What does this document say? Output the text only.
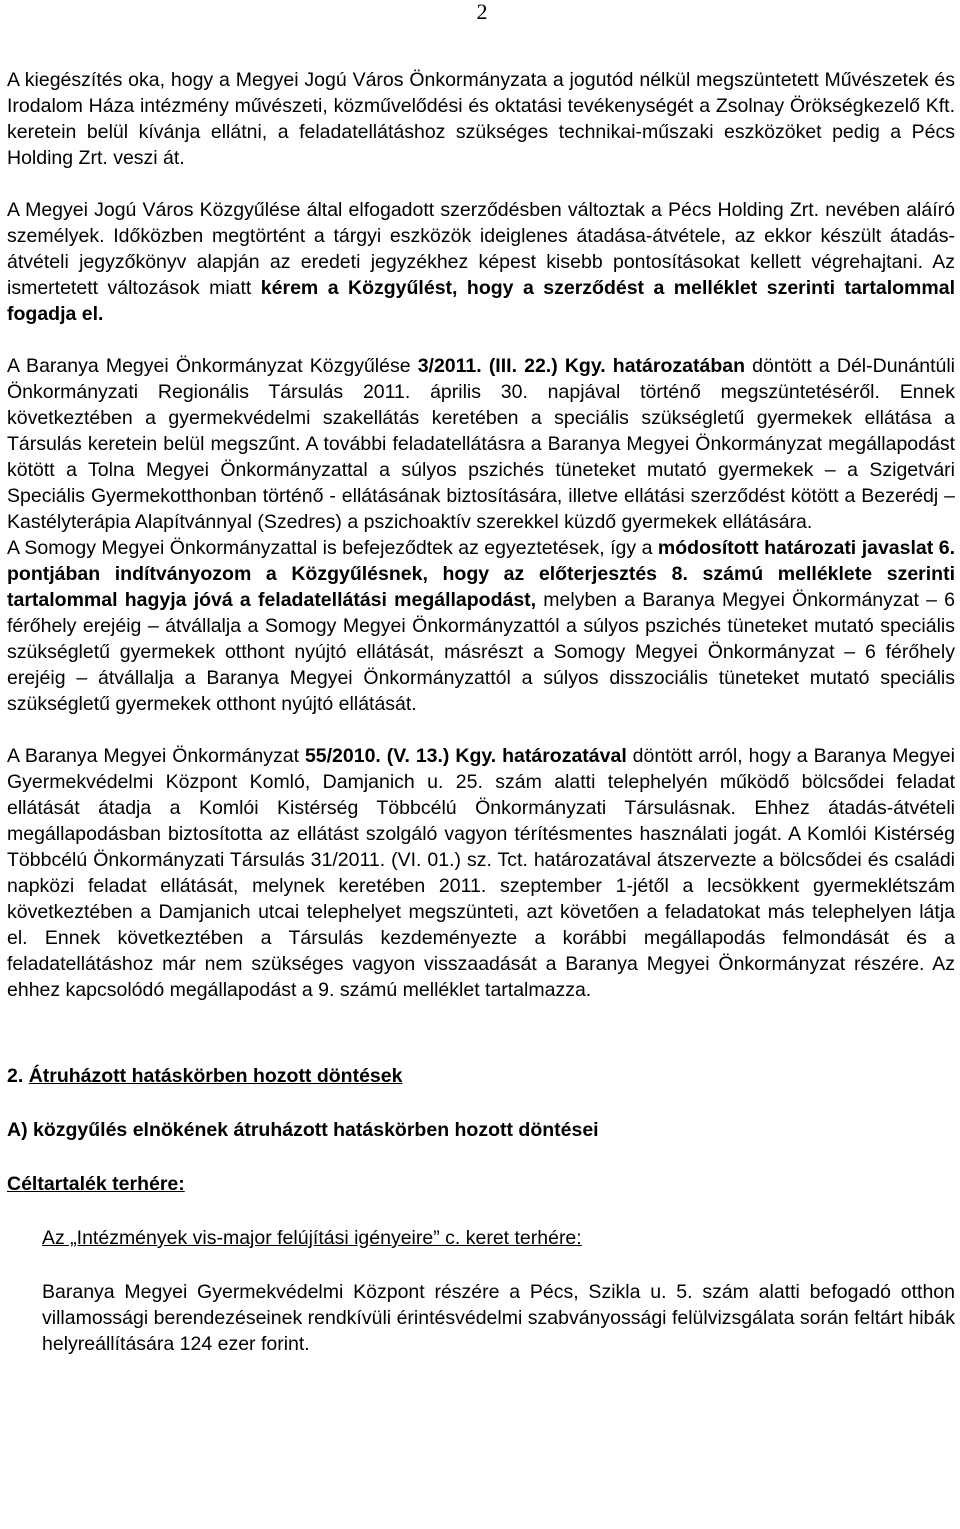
2

A kiegészítés oka, hogy a Megyei Jogú Város Önkormányzata a jogutód nélkül megszüntetett Művészetek és Irodalom Háza intézmény művészeti, közművelődési és oktatási tevékenységét a Zsolnay Örökségkezelő Kft. keretein belül kívánja ellátni, a feladatellátáshoz szükséges technikai-műszaki eszközöket pedig a Pécs Holding Zrt. veszi át.

A Megyei Jogú Város Közgyűlése által elfogadott szerződésben változtak a Pécs Holding Zrt. nevében aláíró személyek. Időközben megtörtént a tárgyi eszközök ideiglenes átadása-átvétele, az ekkor készült átadás-átvételi jegyzőkönyv alapján az eredeti jegyzékhez képest kisebb pontosításokat kellett végrehajtani. Az ismertetett változások miatt kérem a Közgyűlést, hogy a szerződést a melléklet szerinti tartalommal fogadja el.

A Baranya Megyei Önkormányzat Közgyűlése 3/2011. (III. 22.) Kgy. határozatában döntött a Dél-Dunántúli Önkormányzati Regionális Társulás 2011. április 30. napjával történő megszüntetéséről. Ennek következtében a gyermekvédelmi szakellátás keretében a speciális szükségletű gyermekek ellátása a Társulás keretein belül megszűnt. A további feladatellátásra a Baranya Megyei Önkormányzat megállapodást kötött a Tolna Megyei Önkormányzattal a súlyos pszichés tüneteket mutató gyermekek – a Szigetvári Speciális Gyermekotthonban történő - ellátásának biztosítására, illetve ellátási szerződést kötött a Bezerédj – Kastélyterápia Alapítvánnyal (Szedres) a pszichoaktív szerekkel küzdő gyermekek ellátására.

A Somogy Megyei Önkormányzattal is befejeződtek az egyeztetések, így a módosított határozati javaslat 6. pontjában indítványozom a Közgyűlésnek, hogy az előterjesztés 8. számú melléklete szerinti tartalommal hagyja jóvá a feladatellátási megállapodást, melyben a Baranya Megyei Önkormányzat – 6 férőhely erejéig – átvállalja a Somogy Megyei Önkormányzattól a súlyos pszichés tüneteket mutató speciális szükségletű gyermekek otthont nyújtó ellátását, másrészt a Somogy Megyei Önkormányzat – 6 férőhely erejéig – átvállalja a Baranya Megyei Önkormányzattól a súlyos disszociális tüneteket mutató speciális szükségletű gyermekek otthont nyújtó ellátását.

A Baranya Megyei Önkormányzat 55/2010. (V. 13.) Kgy. határozatával döntött arról, hogy a Baranya Megyei Gyermekvédelmi Központ Komló, Damjanich u. 25. szám alatti telephelyén működő bölcsődei feladat ellátását átadja a Komlói Kistérség Többcélú Önkormányzati Társulásnak. Ehhez átadás-átvételi megállapodásban biztosította az ellátást szolgáló vagyon térítésmentes használati jogát. A Komlói Kistérség Többcélú Önkormányzati Társulás 31/2011. (VI. 01.) sz. Tct. határozatával átszervezte a bölcsődei és családi napközi feladat ellátását, melynek keretében 2011. szeptember 1-jétől a lecsökkent gyermeklétszám következtében a Damjanich utcai telephelyet megszünteti, azt követően a feladatokat más telephelyen látja el. Ennek következtében a Társulás kezdeményezte a korábbi megállapodás felmondását és a feladatellátáshoz már nem szükséges vagyon visszaadását a Baranya Megyei Önkormányzat részére. Az ehhez kapcsolódó megállapodást a 9. számú melléklet tartalmazza.

2. Átruházott hatáskörben hozott döntések

A) közgyűlés elnökének átruházott hatáskörben hozott döntései

Céltartalék terhére:

Az „Intézmények vis-major felújítási igényeire” c. keret terhére:

Baranya Megyei Gyermekvédelmi Központ részére a Pécs, Szikla u. 5. szám alatti befogadó otthon villamossági berendezéseinek rendkívüli érintésvédelmi szabványossági felülvizsgálata során feltárt hibák helyreállítására 124 ezer forint.
